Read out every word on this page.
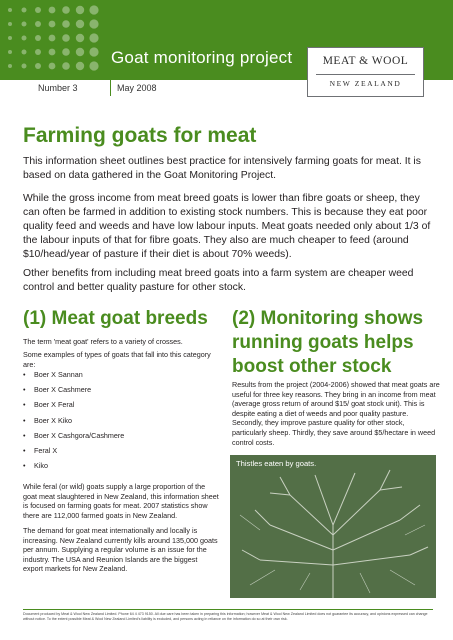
Goat monitoring project	MEAT & WOOL
NEW ZEALAND
Number 3	May 2008
Farming goats for meat

This information sheet outlines best practice for intensively farming goats for meat. It is based on data gathered in the Goat Monitoring Project.

While the gross income from meat breed goats is lower than fibre goats or sheep, they can often be farmed in addition to existing stock numbers. This is because they eat poor quality feed and weeds and have low labour inputs. Meat goats needed only about 1/3 of the labour inputs of that for fibre goats. They also are much cheaper to feed (around $10/head/year of pasture if their diet is about 70% weeds).

Other benefits from including meat breed goats into a farm system are cheaper weed control and better quality pasture for other stock.

(1) Meat goat breeds

The term 'meat goat' refers to a variety of crosses.

Some examples of types of goats that fall into this category are:

• Boer X Sannan
• Boer X Cashmere
• Boer X Feral
• Boer X Kiko
• Boer X Cashgora/Cashmere
• Feral X
• Kiko

While feral (or wild) goats supply a large proportion of the goat meat slaughtered in New Zealand, this information sheet is focused on farming goats for meat. 2007 statistics show there are 112,000 farmed goats in New Zealand.

The demand for goat meat internationally and locally is increasing. New Zealand currently kills around 135,000 goats per annum. Supplying a regular volume is an issue for the industry. The USA and Reunion Islands are the biggest export markets for New Zealand.

(2) Monitoring shows running goats helps boost other stock

Results from the project (2004-2006) showed that meat goats are useful for three key reasons. They bring in an income from meat (average gross return of around $15/ goat stock unit). This is despite eating a diet of weeds and poor quality pasture. Secondly, they improve pasture quality for other stock, particularly sheep. Thirdly, they save around $5/hectare in weed control costs.

Thistles eaten by goats.

Document produced by Meat & Wool New Zealand Limited. Phone 64 4 473 9150. All due care has been taken in preparing this information; however Meat & Wool New Zealand Limited does not guarantee its accuracy, and opinions expressed can change without notice. To the extent possible Meat & Wool New Zealand Limited's liability is excluded, and persons acting in reliance on the information do so at their own risk.
